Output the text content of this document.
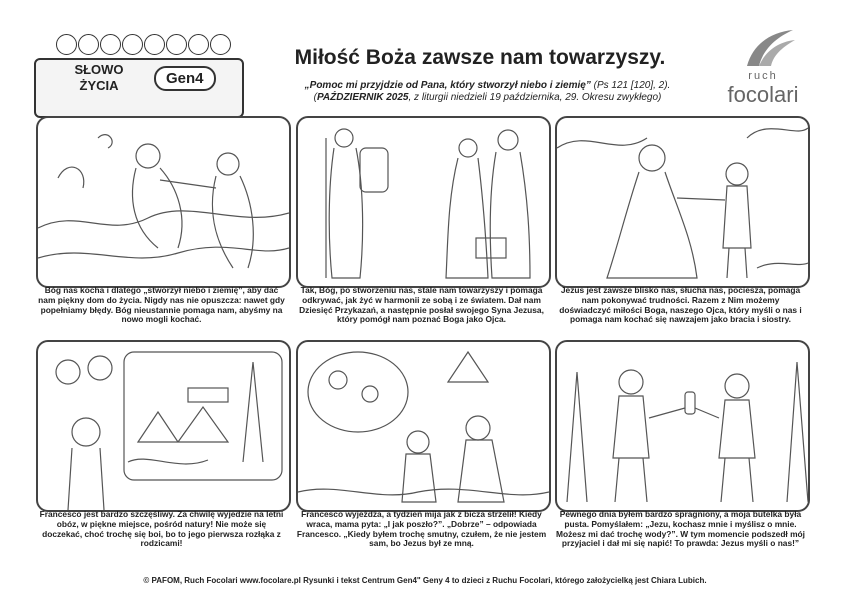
SŁOWO
ŻYCIA	Gen4
Miłość Boża zawsze nam towarzyszy.
„Pomoc mi przyjdzie od Pana, który stworzył niebo i ziemię” (Ps 121 [120], 2).
(PAŹDZIERNIK 2025, z liturgii niedzieli 19 października, 29. Okresu zwykłego)
ruch
focolari
Bóg nas kocha i dlatego „stworzył niebo i ziemię”, aby dać nam piękny dom do życia. Nigdy nas nie opuszcza: nawet gdy popełniamy błędy. Bóg nieustannie pomaga nam, abyśmy na nowo mogli kochać.
Tak, Bóg, po stworzeniu nas, stale nam towarzyszy i pomaga odkrywać, jak żyć w harmonii ze sobą i ze światem. Dał nam Dziesięć Przykazań, a następnie posłał swojego Syna Jezusa, który pomógł nam poznać Boga jako Ojca.
Jezus jest zawsze blisko nas, słucha nas, pociesza, pomaga nam pokonywać trudności. Razem z Nim możemy doświadczyć miłości Boga, naszego Ojca, który myśli o nas i pomaga nam kochać się nawzajem jako bracia i siostry.
Francesco jest bardzo szczęśliwy. Za chwilę wyjedzie na letni obóz, w piękne miejsce, pośród natury! Nie może się doczekać, choć trochę się boi, bo to jego pierwsza rozłąka z rodzicami!
Francesco wyjeżdża, a tydzień mija jak z bicza strzelił! Kiedy wraca, mama pyta: „I jak poszło?”. „Dobrze” – odpowiada Francesco. „Kiedy byłem trochę smutny, czułem, że nie jestem sam, bo Jezus był ze mną.
Pewnego dnia byłem bardzo spragniony, a moja butelka była pusta. Pomyślałem: „Jezu, kochasz mnie i myślisz o mnie. Możesz mi dać trochę wody?”. W tym momencie podszedł mój przyjaciel i dał mi się napić! To prawda: Jezus myśli o nas!”
© PAFOM, Ruch Focolari www.focolare.pl Rysunki i tekst Centrum Gen4" Geny 4 to dzieci z Ruchu Focolari, którego założycielką jest Chiara Lubich.
